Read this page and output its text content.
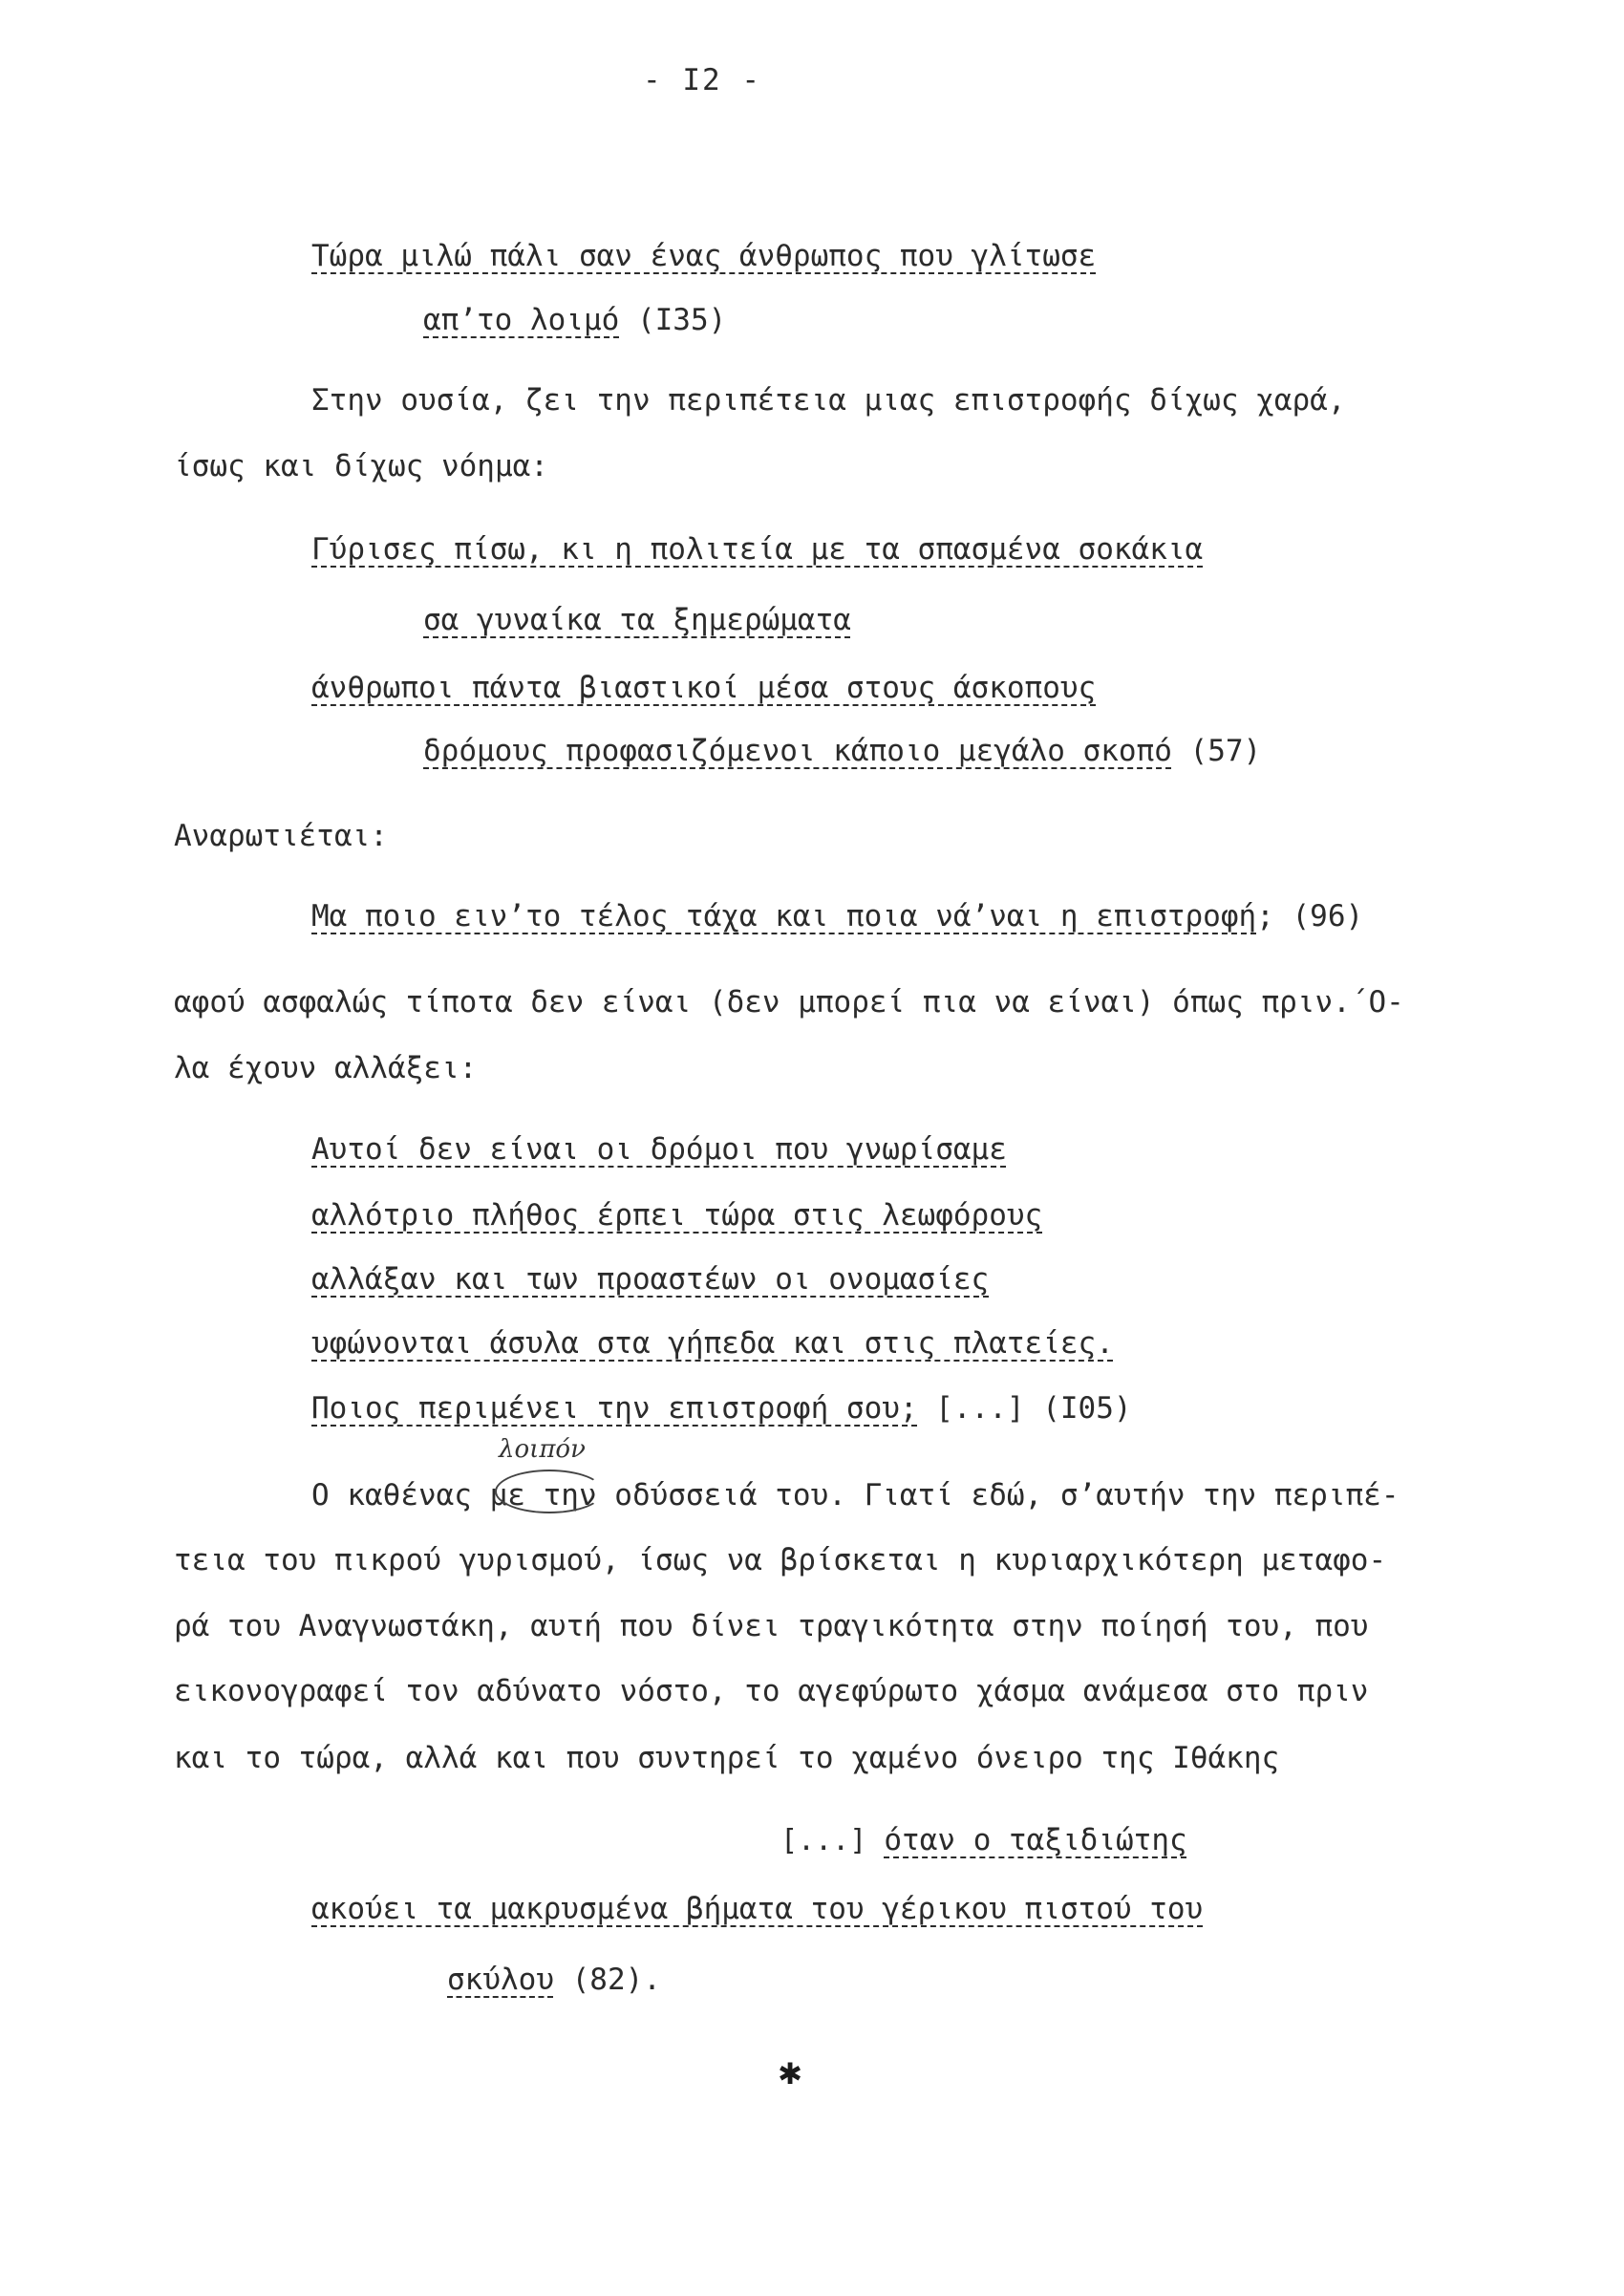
- I2 -
Τώρα μιλώ πάλι σαν ένας άνθρωπος που γλίτωσε
απ’το λοιμό (I35)
Στην ουσία, ζει την περιπέτεια μιας επιστροφής δίχως χαρά,
ίσως και δίχως νόημα:
Γύρισες πίσω, κι η πολιτεία με τα σπασμένα σοκάκια
σα γυναίκα τα ξημερώματα
άνθρωποι πάντα βιαστικοί μέσα στους άσκοπους
δρόμους προφασιζόμενοι κάποιο μεγάλο σκοπό (57)
Αναρωτιέται:
Μα ποιο ειν’το τέλος τάχα και ποια νά’ναι η επιστροφή; (96)
αφού ασφαλώς τίποτα δεν είναι (δεν μπορεί πια να είναι) όπως πριν.΄Ο-
λα έχουν αλλάξει:
Αυτοί δεν είναι οι δρόμοι που γνωρίσαμε
αλλότριο πλήθος έρπει τώρα στις λεωφόρους
αλλάξαν και των προαστέων οι ονομασίες
υφώνονται άσυλα στα γήπεδα και στις πλατείες.
Ποιος περιμένει την επιστροφή σου; [...] (I05)
Ο καθένας με την οδύσσειά του. Γιατί εδώ, σ’αυτήν την περιπέ-
τεια του πικρού γυρισμού, ίσως να βρίσκεται η κυριαρχικότερη μεταφο-
ρά του Αναγνωστάκη, αυτή που δίνει τραγικότητα στην ποίησή του, που
εικονογραφεί τον αδύνατο νόστο, το αγεφύρωτο χάσμα ανάμεσα στο πριν
και το τώρα, αλλά και που συντηρεί το χαμένο όνειρο της Ιθάκης
[...] όταν ο ταξιδιώτης
ακούει τα μακρυσμένα βήματα του γέρικου πιστού του
σκύλου (82).
λοιπόν
✱
